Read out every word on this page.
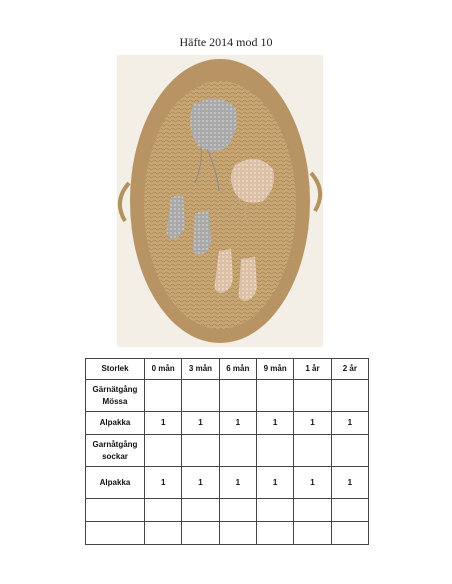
Häfte 2014 mod 10
Storlek	0 mån	3 mån	6 mån	9 mån	1 år	2 år
Gärnätgång Mössa						
Alpakka	1	1	1	1	1	1
Garnåtgång sockar						
Alpakka	1	1	1	1	1	1
